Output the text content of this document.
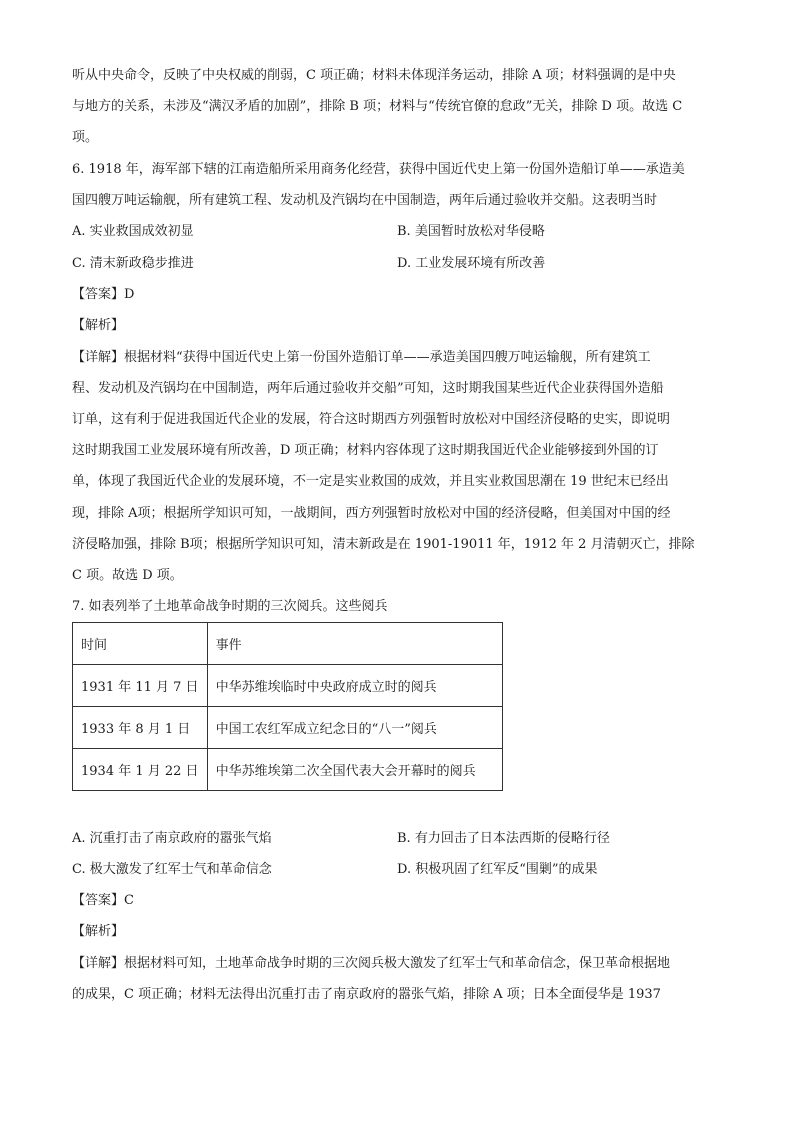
听从中央命令，反映了中央权威的削弱，C 项正确；材料未体现洋务运动，排除 A 项；材料强调的是中央
与地方的关系，未涉及“满汉矛盾的加剧”，排除 B 项；材料与“传统官僚的怠政”无关，排除 D 项。故选 C
项。
6. 1918 年，海军部下辖的江南造船所采用商务化经营，获得中国近代史上第一份国外造船订单——承造美
国四艘万吨运输舰，所有建筑工程、发动机及汽锅均在中国制造，两年后通过验收并交船。这表明当时
A. 实业救国成效初显	B. 美国暂时放松对华侵略
C. 清末新政稳步推进	D. 工业发展环境有所改善
【答案】D
【解析】
【详解】根据材料“获得中国近代史上第一份国外造船订单——承造美国四艘万吨运输舰，所有建筑工
程、发动机及汽锅均在中国制造，两年后通过验收并交船”可知，这时期我国某些近代企业获得国外造船
订单，这有利于促进我国近代企业的发展，符合这时期西方列强暂时放松对中国经济侵略的史实，即说明
这时期我国工业发展环境有所改善，D 项正确；材料内容体现了这时期我国近代企业能够接到外国的订
单，体现了我国近代企业的发展环境，不一定是实业救国的成效，并且实业救国思潮在 19 世纪末已经出
现，排除 A项；根据所学知识可知，一战期间，西方列强暂时放松对中国的经济侵略，但美国对中国的经
济侵略加强，排除 B项；根据所学知识可知，清末新政是在 1901-19011 年，1912 年 2 月清朝灭亡，排除
C 项。故选 D 项。
7. 如表列举了土地革命战争时期的三次阅兵。这些阅兵
时间	事件
1931 年 11 月 7 日	中华苏维埃临时中央政府成立时的阅兵
1933 年 8 月 1 日	中国工农红军成立纪念日的“八一”阅兵
1934 年 1 月 22 日	中华苏维埃第二次全国代表大会开幕时的阅兵
A. 沉重打击了南京政府的嚣张气焰	B. 有力回击了日本法西斯的侵略行径
C. 极大激发了红军士气和革命信念	D. 积极巩固了红军反“围剿”的成果
【答案】C
【解析】
【详解】根据材料可知，土地革命战争时期的三次阅兵极大激发了红军士气和革命信念，保卫革命根据地
的成果，C 项正确；材料无法得出沉重打击了南京政府的嚣张气焰，排除 A 项；日本全面侵华是 1937
